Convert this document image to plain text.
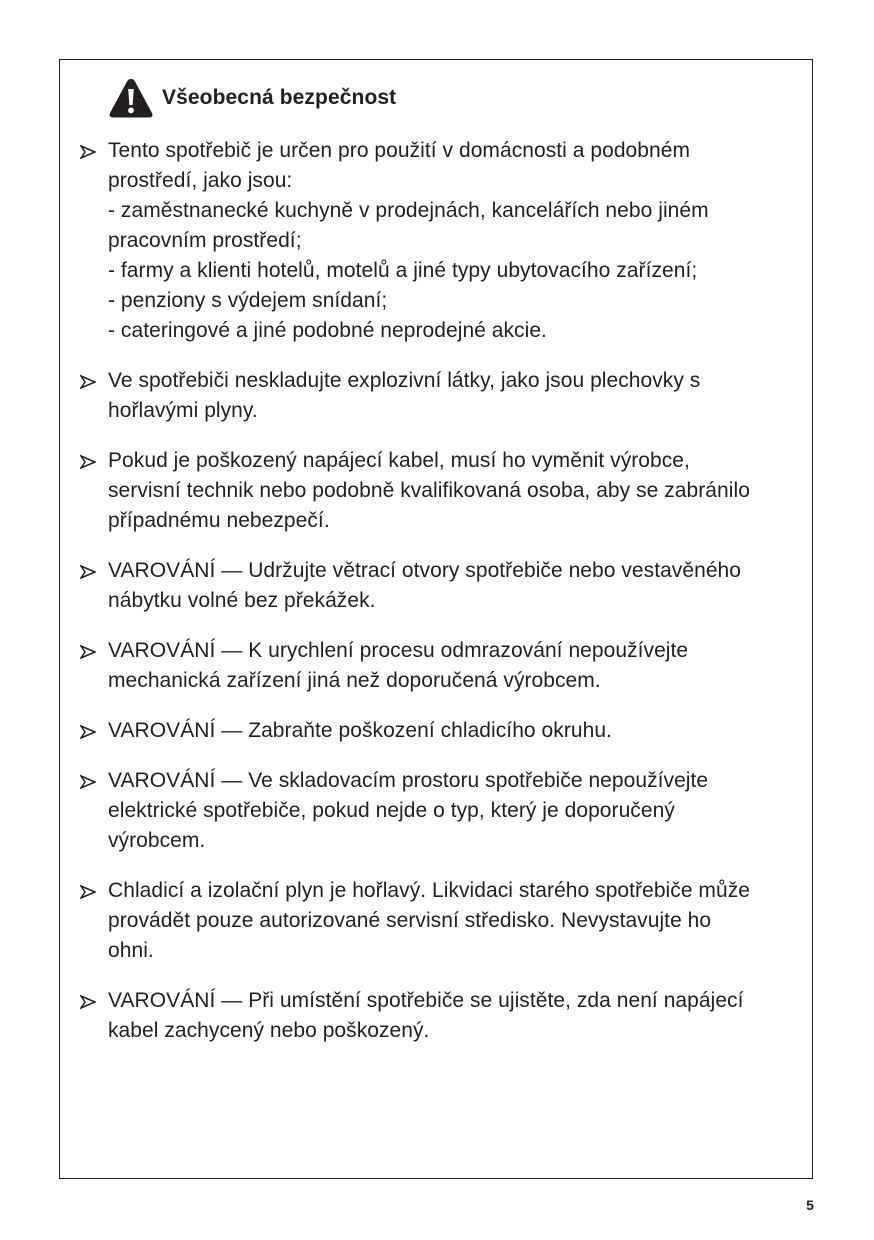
Všeobecná bezpečnost
Tento spotřebič je určen pro použití v domácnosti a podobném
prostředí, jako jsou:
- zaměstnanecké kuchyně v prodejnách, kancelářích nebo jiném
pracovním prostředí;
- farmy a klienti hotelů, motelů a jiné typy ubytovacího zařízení;
- penziony s výdejem snídaní;
- cateringové a jiné podobné neprodejné akcie.
Ve spotřebiči neskladujte explozivní látky, jako jsou plechovky s
hořlavými plyny.
Pokud je poškozený napájecí kabel, musí ho vyměnit výrobce,
servisní technik nebo podobně kvalifikovaná osoba, aby se zabránilo
případnému nebezpečí.
VAROVÁNÍ — Udržujte větrací otvory spotřebiče nebo vestavěného
nábytku volné bez překážek.
VAROVÁNÍ — K urychlení procesu odmrazování nepoužívejte
mechanická zařízení jiná než doporučená výrobcem.
VAROVÁNÍ — Zabraňte poškození chladicího okruhu.
VAROVÁNÍ — Ve skladovacím prostoru spotřebiče nepoužívejte
elektrické spotřebiče, pokud nejde o typ, který je doporučený
výrobcem.
Chladicí a izolační plyn je hořlavý. Likvidaci starého spotřebiče může
provádět pouze autorizované servisní středisko. Nevystavujte ho
ohni.
VAROVÁNÍ — Při umístění spotřebiče se ujistěte, zda není napájecí
kabel zachycený nebo poškozený.
5
